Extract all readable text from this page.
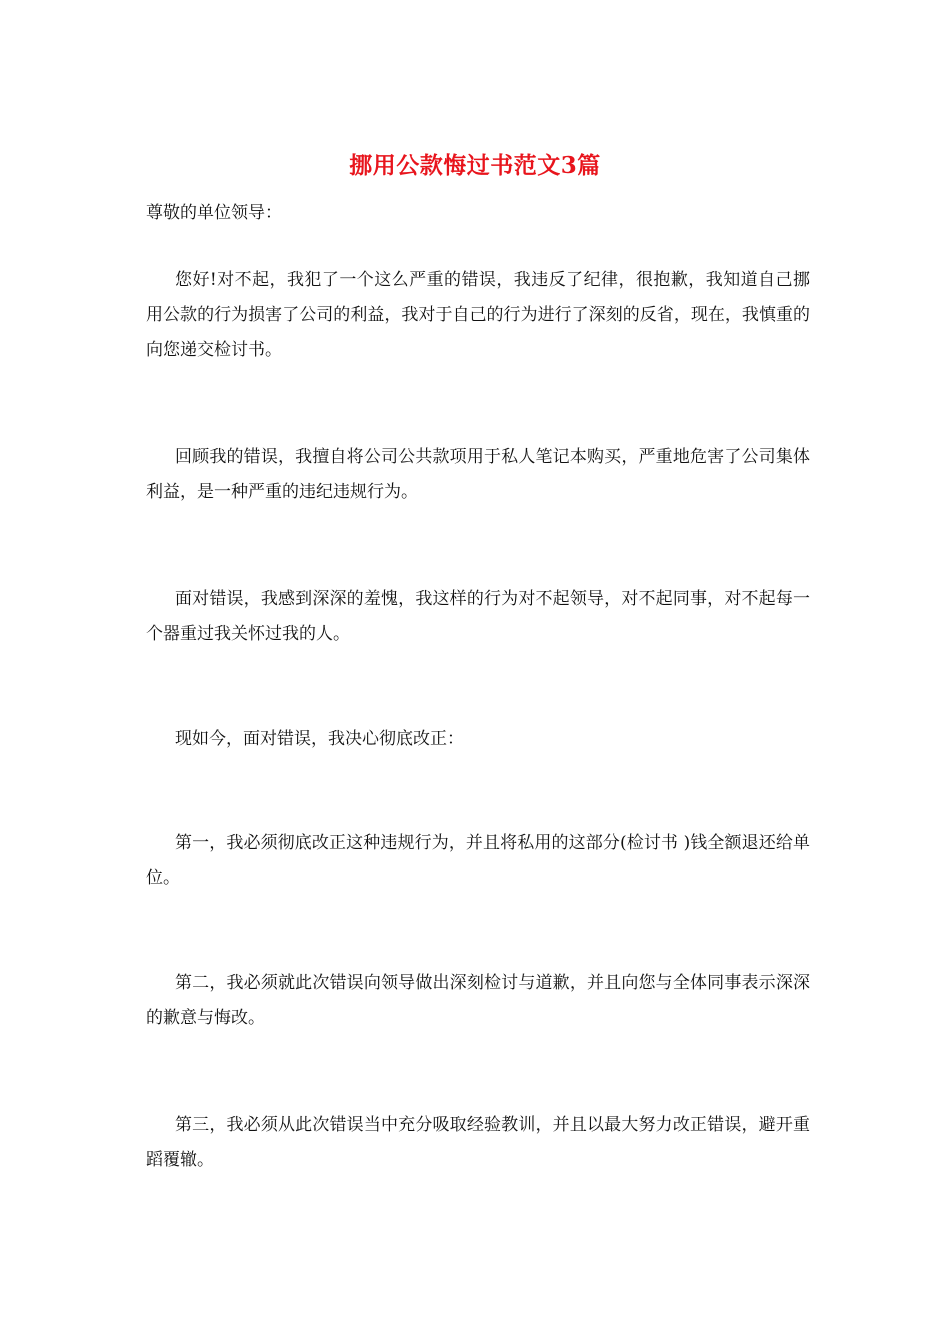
挪用公款悔过书范文3篇

尊敬的单位领导：

您好!对不起，我犯了一个这么严重的错误，我违反了纪律，很抱歉，我知道自己挪用公款的行为损害了公司的利益，我对于自己的行为进行了深刻的反省，现在，我慎重的向您递交检讨书。

回顾我的错误，我擅自将公司公共款项用于私人笔记本购买，严重地危害了公司集体利益，是一种严重的违纪违规行为。

面对错误，我感到深深的羞愧，我这样的行为对不起领导，对不起同事，对不起每一个器重过我关怀过我的人。

现如今，面对错误，我决心彻底改正：

第一，我必须彻底改正这种违规行为，并且将私用的这部分(检讨书 )钱全额退还给单位。

第二，我必须就此次错误向领导做出深刻检讨与道歉，并且向您与全体同事表示深深的歉意与悔改。

第三，我必须从此次错误当中充分吸取经验教训，并且以最大努力改正错误，避开重蹈覆辙。
